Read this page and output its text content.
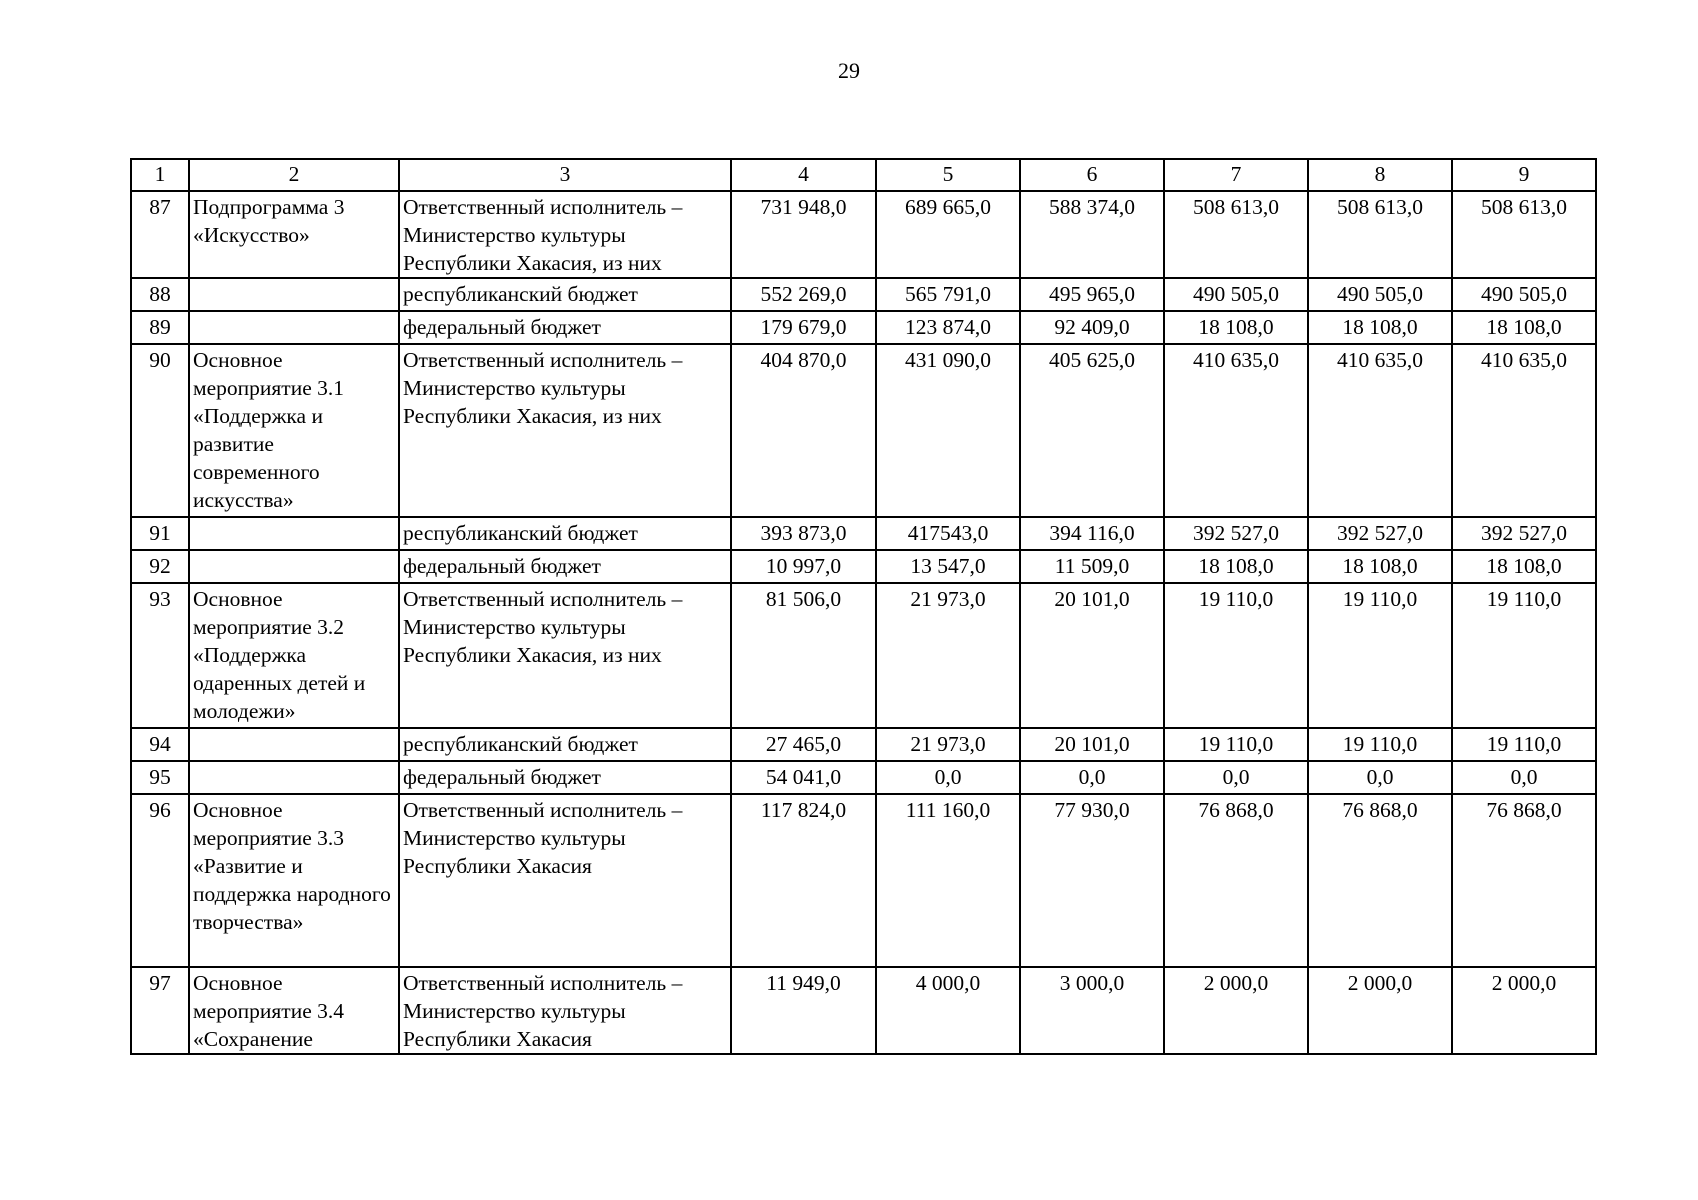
29
1	2	3	4	5	6	7	8	9
87	Подпрограмма 3 «Искусство»	Ответственный исполнитель – Министерство культуры Республики Хакасия, из них	731 948,0	689 665,0	588 374,0	508 613,0	508 613,0	508 613,0
88		республиканский бюджет	552 269,0	565 791,0	495 965,0	490 505,0	490 505,0	490 505,0
89		федеральный бюджет	179 679,0	123 874,0	92 409,0	18 108,0	18 108,0	18 108,0
90	Основное мероприятие 3.1 «Поддержка и развитие современного искусства»	Ответственный исполнитель – Министерство культуры Республики Хакасия, из них	404 870,0	431 090,0	405 625,0	410 635,0	410 635,0	410 635,0
91		республиканский бюджет	393 873,0	417543,0	394 116,0	392 527,0	392 527,0	392 527,0
92		федеральный бюджет	10 997,0	13 547,0	11 509,0	18 108,0	18 108,0	18 108,0
93	Основное мероприятие 3.2 «Поддержка одаренных детей и молодежи»	Ответственный исполнитель – Министерство культуры Республики Хакасия, из них	81 506,0	21 973,0	20 101,0	19 110,0	19 110,0	19 110,0
94		республиканский бюджет	27 465,0	21 973,0	20 101,0	19 110,0	19 110,0	19 110,0
95		федеральный бюджет	54 041,0	0,0	0,0	0,0	0,0	0,0
96	Основное мероприятие 3.3 «Развитие и поддержка народного творчества»	Ответственный исполнитель – Министерство культуры Республики Хакасия	117 824,0	111 160,0	77 930,0	76 868,0	76 868,0	76 868,0
97	Основное мероприятие 3.4 «Сохранение	Ответственный исполнитель – Министерство культуры Республики Хакасия	11 949,0	4 000,0	3 000,0	2 000,0	2 000,0	2 000,0
